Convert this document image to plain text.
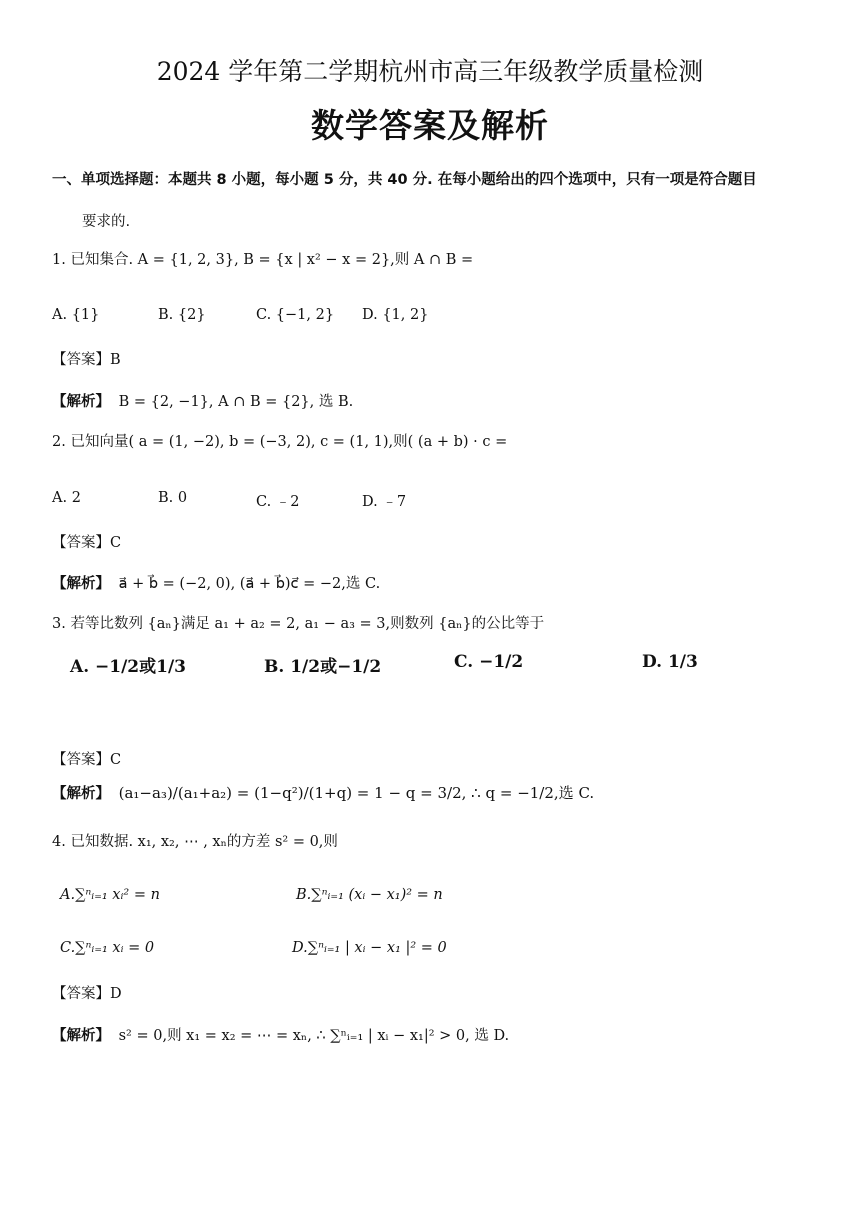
2024 学年第二学期杭州市高三年级教学质量检测
数学答案及解析
一、单项选择题：本题共 8 小题，每小题 5 分，共 40 分. 在每小题给出的四个选项中，只有一项是符合题目
要求的.
1. 已知集合. A = {1, 2, 3}, B = {x | x² − x = 2},则 A ∩ B =
A. {1}	B. {2}	C. {−1, 2} D. {1, 2}
【答案】B
【解析】 B = {2, −1}, A ∩ B = {2}, 选 B.
2. 已知向量( a = (1, −2), b = (−3, 2), c = (1, 1),则( (a + b) · c =
A. 2	B. 0	C. ﹣2	D. ﹣7
【答案】C
【解析】 a⃗ + b⃗ = (−2, 0), (a⃗ + b⃗)c⃗ = −2,选 C.
3. 若等比数列 {aₙ}满足 a₁ + a₂ = 2, a₁ − a₃ = 3,则数列 {aₙ}的公比等于
A. −1/2或1/3	B. 1/2或−1/2	C. −1/2	D. 1/3
【答案】C
【解析】 (a₁−a₃)/(a₁+a₂) = (1−q²)/(1+q) = 1 − q = 3/2, ∴ q = −1/2,选 C.
4. 已知数据. x₁, x₂, ⋯ , xₙ的方差 s² = 0,则
A.∑ⁿᵢ₌₁ xᵢ² = n	B.∑ⁿᵢ₌₁ (xᵢ − x₁)² = n
C.∑ⁿᵢ₌₁ xᵢ = 0	D.∑ⁿᵢ₌₁ | xᵢ − x₁ |² = 0
【答案】D
【解析】 s² = 0,则 x₁ = x₂ = ⋯ = xₙ, ∴ ∑ⁿᵢ₌₁ | xᵢ − x₁|² > 0, 选 D.
